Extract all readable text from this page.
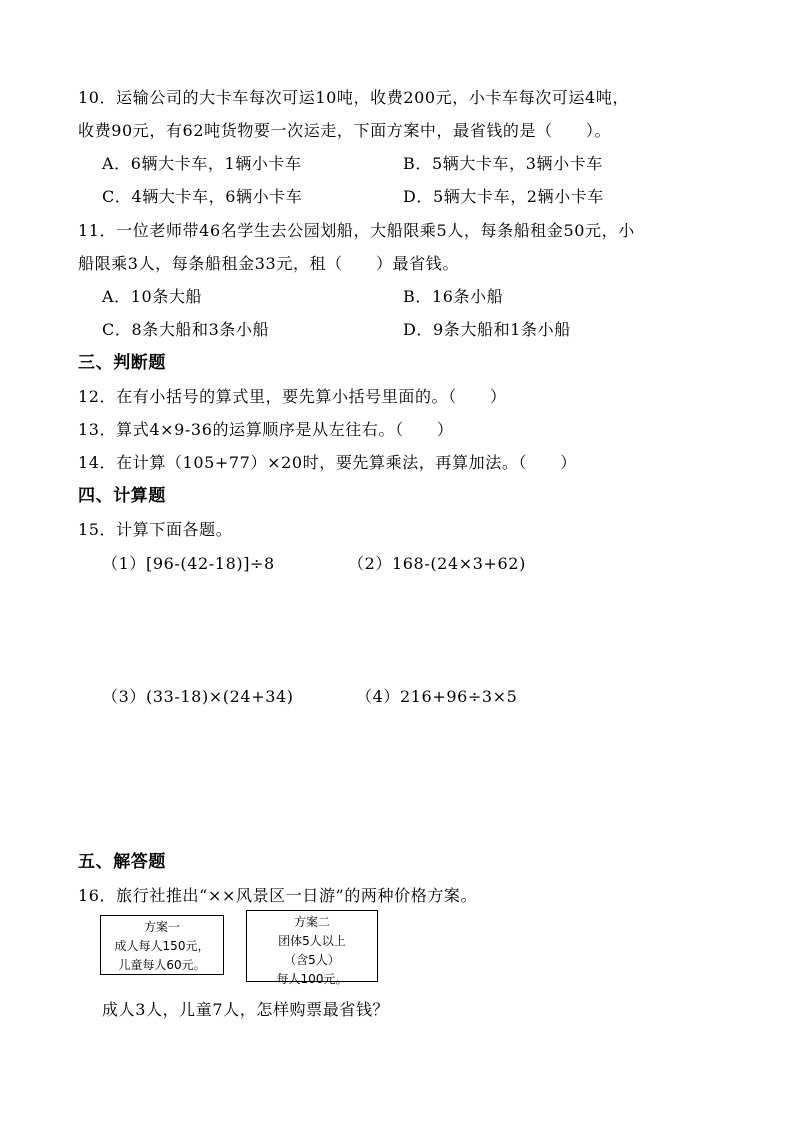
10．运输公司的大卡车每次可运10吨，收费200元，小卡车每次可运4吨，
收费90元，有62吨货物要一次运走，下面方案中，最省钱的是（　　）。
A．6辆大卡车，1辆小卡车	B．5辆大卡车，3辆小卡车
C．4辆大卡车，6辆小卡车	D．5辆大卡车，2辆小卡车
11．一位老师带46名学生去公园划船，大船限乘5人，每条船租金50元，小
船限乘3人，每条船租金33元，租（　　）最省钱。
A．10条大船	B．16条小船
C．8条大船和3条小船	D．9条大船和1条小船
三、判断题
12．在有小括号的算式里，要先算小括号里面的。（　　）
13．算式4×9-36的运算顺序是从左往右。（　　）
14．在计算（105+77）×20时，要先算乘法，再算加法。（　　）
四、计算题
15．计算下面各题。
（1）[96-(42-18)]÷8	（2）168-(24×3+62)
（3）(33-18)×(24+34)	（4）216+96÷3×5
五、解答题
16．旅行社推出“××风景区一日游”的两种价格方案。
方案一
成人每人150元，
儿童每人60元。
方案二
团体5人以上
（含5人）
每人100元。
成人3人，儿童7人，怎样购票最省钱？
